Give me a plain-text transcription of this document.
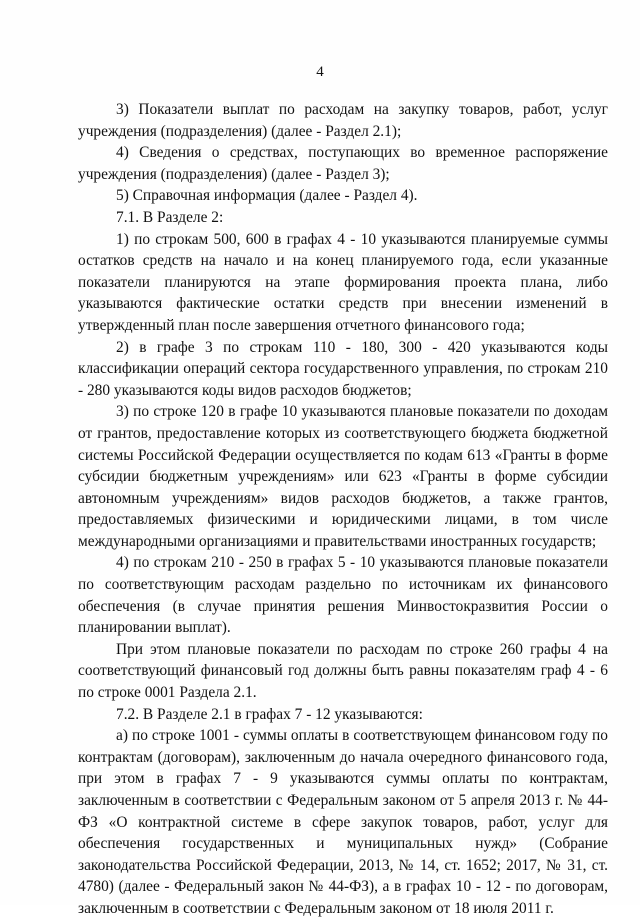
4

3) Показатели выплат по расходам на закупку товаров, работ, услуг учреждения (подразделения) (далее - Раздел 2.1);

4) Сведения о средствах, поступающих во временное распоряжение учреждения (подразделения) (далее - Раздел 3);

5) Справочная информация (далее - Раздел 4).

7.1. В Разделе 2:

1) по строкам 500, 600 в графах 4 - 10 указываются планируемые суммы остатков средств на начало и на конец планируемого года, если указанные показатели планируются на этапе формирования проекта плана, либо указываются фактические остатки средств при внесении изменений в утвержденный план после завершения отчетного финансового года;

2) в графе 3 по строкам 110 - 180, 300 - 420 указываются коды классификации операций сектора государственного управления, по строкам 210 - 280 указываются коды видов расходов бюджетов;

3) по строке 120 в графе 10 указываются плановые показатели по доходам от грантов, предоставление которых из соответствующего бюджета бюджетной системы Российской Федерации осуществляется по кодам 613 «Гранты в форме субсидии бюджетным учреждениям» или 623 «Гранты в форме субсидии автономным учреждениям» видов расходов бюджетов, а также грантов, предоставляемых физическими и юридическими лицами, в том числе международными организациями и правительствами иностранных государств;

4) по строкам 210 - 250 в графах 5 - 10 указываются плановые показатели по соответствующим расходам раздельно по источникам их финансового обеспечения (в случае принятия решения Минвостокразвития России о планировании выплат).

При этом плановые показатели по расходам по строке 260 графы 4 на соответствующий финансовый год должны быть равны показателям граф 4 - 6 по строке 0001 Раздела 2.1.

7.2. В Разделе 2.1 в графах 7 - 12 указываются:

а) по строке 1001 - суммы оплаты в соответствующем финансовом году по контрактам (договорам), заключенным до начала очередного финансового года, при этом в графах 7 - 9 указываются суммы оплаты по контрактам, заключенным в соответствии с Федеральным законом от 5 апреля 2013 г. № 44-ФЗ «О контрактной системе в сфере закупок товаров, работ, услуг для обеспечения государственных и муниципальных нужд» (Собрание законодательства Российской Федерации, 2013, № 14, ст. 1652; 2017, № 31, ст. 4780) (далее - Федеральный закон № 44-ФЗ), а в графах 10 - 12 - по договорам, заключенным в соответствии с Федеральным законом от 18 июля 2011 г.
